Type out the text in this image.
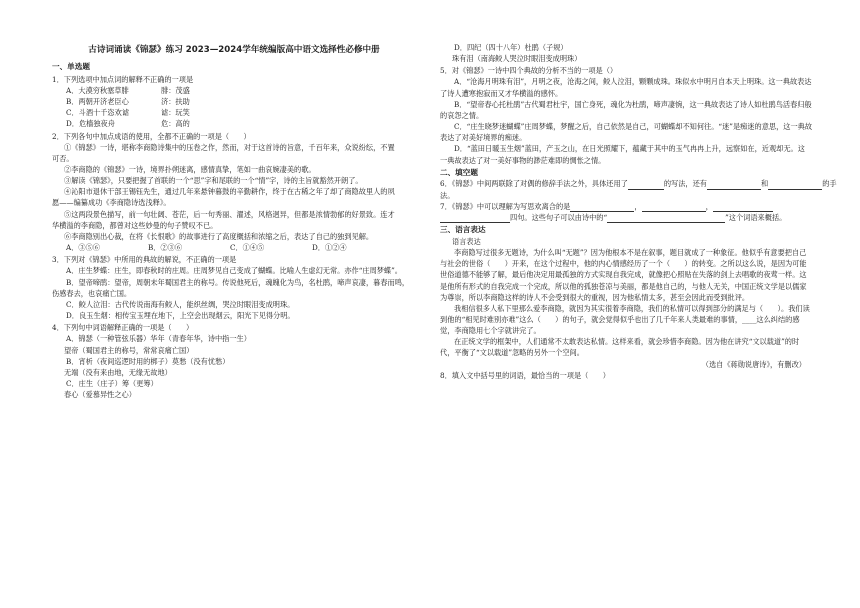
古诗词诵读《锦瑟》练习 2023—2024学年统编版高中语文选择性必修中册
一、单选题
1．下列选项中加点词的解释不正确的一项是
A．大漠穷秋塞草腓	腓：茂盛
B．两朝开济老臣心	济：扶助
C．斗酒十千恣欢谑	谑：玩笑
D．危樯独夜舟	危：高的
2．下列各句中加点成语的使用，全都不正确的一项是（　　）
①《锦瑟》一诗，堪称李商隐诗集中的压卷之作，然而，对于这首诗的旨意，千百年来，众说纷纭，不置
可否。
②李商隐的《锦瑟》一诗，境界扑朔迷离，感情真挚，笔如一曲哀婉凄美的歌。
③解读《锦瑟》，只要把握了首联的一个“思”字和尾联的一个“情”字，诗的主旨就豁然开朗了。
④沁阳市退休干部王锡钰先生，通过几年来悬钟暮鼓的辛勤耕作，终于在古稀之年了却了商隐故里人的夙
愿——编纂成功《李商隐诗选浅释》。
⑤这两段景色描写，前一句壮阔、苍茫，后一句秀丽、濯述，风格迥异，但都是浓情勃郁的好景致。连才
华横溢的李商隐，都曾对这些妙曼的句子赞叹不已。
⑥李商隐别出心裁，在将《长恨歌》的故事进行了高度概括和浓缩之后，表达了自己的独到见解。
A．③⑤⑥	B．②③⑥	C．①④⑤	D．①②④
3．下列对《锦瑟》中所用的典故的解说，不正确的一项是
A．庄生梦蝶：庄生，即春秋时的庄周。庄周梦见自己变成了蝴蝶。比喻人生虚幻无常。亦作“庄周梦蝶”。
B．望帝啼鹃：望帝，周朝末年蜀国君主的称号。传说他死后，魂魄化为鸟，名杜鹃，啼声哀凄，暮春而鸣，
伤感春去，也哀痛亡国。
C．鲛人泣泪：古代传说南海有鲛人，能织丝绸，哭泣时眼泪变成明珠。
D．良玉生烟：相传宝玉埋在地下，上空会出现烟云，阳光下见得分明。
4．下列句中词语解释正确的一项是（　　）
A．锦瑟（一种管弦乐器）华年（青春年华，诗中指一生）
望帝（蜀国君主的称号，常常哀痛亡国）
B．宵析（夜间巡逻时用的梆子）莫愁（没有忧愁）
无端（没有来由地，无缘无故地）
C．庄生（庄子）筹（更筹）
春心（爱慕异性之心）
D．四纪（四十八年）杜鹃（子规）
珠有泪（南海鲛人哭泣时眼泪变成明珠）
5．对《锦瑟》一诗中四个典故的分析不当的一项是（）
A．“沧海月明珠有泪”，月明之夜，沧海之间，鲛人泣泪，颗颗成珠。珠似水中明月自本天上明珠。这一典故表达了诗人遭寒抱寂而又才华横溢的感怀。
B．“望帝春心托杜鹃”古代蜀君杜宇，国亡身死，魂化为杜鹃，啼声凄惋，这一典故表达了诗人如杜鹃鸟活春归般的哀怨之情。
C．“庄生晓梦迷蝴蝶”庄周梦蝶，梦醒之后，自己依然是自己，可蝴蝶却不知何往。“迷”是痴迷的意思，这一典故表达了对美好境界的痴迷。
D．“蓝田日暖玉生烟”蓝田，产玉之山，在日光照耀下，蕴藏于其中的玉气冉冉上升，远察如在，近观却无。这一典故表达了对一美好事物的渺茫难即的惆怅之情。
二、填空题
6．《锦瑟》中间两联除了对偶的修辞手法之外，具体还用了	的写法，还有	和	的手
法。
7．《锦瑟》中可以理解为写思欢离合的是	，	，
四句。这些句子可以由诗中的“	”这个词语来概括。
三、语言表达
语言表达
李商隐写过很多无题诗，为什么叫“无题”？因为他根本不是在叙事，题目就成了一种象征。他似乎有意要把自己与社会的世俗（　　）开来，在这个过程中，他的内心情感经历了一个（　　）的转变。之所以这么说，是因为可能世俗道德不能够了解，最后他决定用最孤独的方式实现自我完成，就像把心照贴在失落的剑上去唱歌的夜莺一样。这是他所有形式的自我完成一个完成，所以他的孤独苍凉与美丽，都是他自己的，与他人无关，中国正统文学是以儒家为尊崇，所以李商隐这样的诗人不会受到很大的重视，因为他私情太多，甚至会因此而受到批评。
我相信很多人私下里那么爱李商隐，就因为其实很着李商隐，我们的私情可以得到部分的满足与（　　）。我们读到他的“相见时难别亦难”这么（　　）的句子，就会觉得似乎也出了几千年来人类最难的事情，____这么纠结的感觉，李商隐用七个字就讲完了。
在正统文学的框架中，人们通常不太敢表达私情。这样来看，就会珍惜李商隐。因为他在讲究“文以载道”的时代，平衡了“文以载道”忽略的另外一个空间。
（选自《蒋勋说唐诗》，有删改）
8．填入文中括号里的词语，最恰当的一项是（　　）
